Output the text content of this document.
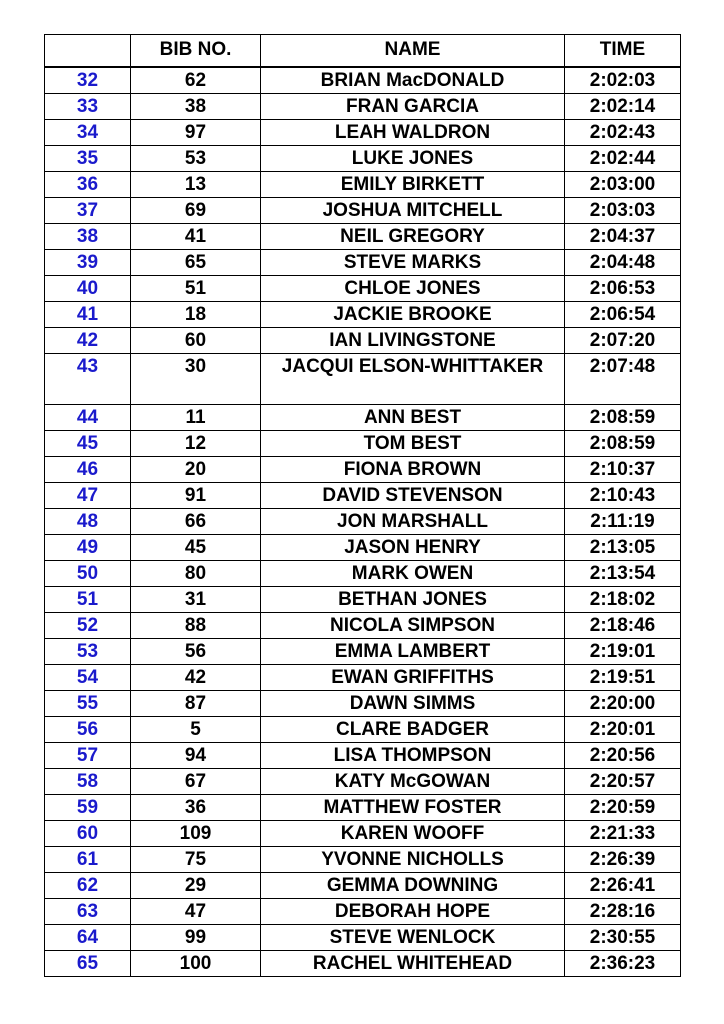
	BIB NO.	NAME	TIME
32	62	BRIAN MacDONALD	2:02:03
33	38	FRAN GARCIA	2:02:14
34	97	LEAH WALDRON	2:02:43
35	53	LUKE JONES	2:02:44
36	13	EMILY BIRKETT	2:03:00
37	69	JOSHUA MITCHELL	2:03:03
38	41	NEIL GREGORY	2:04:37
39	65	STEVE MARKS	2:04:48
40	51	CHLOE JONES	2:06:53
41	18	JACKIE BROOKE	2:06:54
42	60	IAN LIVINGSTONE	2:07:20
43	30	JACQUI ELSON-WHITTAKER	2:07:48
44	11	ANN BEST	2:08:59
45	12	TOM BEST	2:08:59
46	20	FIONA BROWN	2:10:37
47	91	DAVID STEVENSON	2:10:43
48	66	JON MARSHALL	2:11:19
49	45	JASON HENRY	2:13:05
50	80	MARK OWEN	2:13:54
51	31	BETHAN JONES	2:18:02
52	88	NICOLA SIMPSON	2:18:46
53	56	EMMA LAMBERT	2:19:01
54	42	EWAN GRIFFITHS	2:19:51
55	87	DAWN SIMMS	2:20:00
56	5	CLARE BADGER	2:20:01
57	94	LISA THOMPSON	2:20:56
58	67	KATY McGOWAN	2:20:57
59	36	MATTHEW FOSTER	2:20:59
60	109	KAREN WOOFF	2:21:33
61	75	YVONNE NICHOLLS	2:26:39
62	29	GEMMA DOWNING	2:26:41
63	47	DEBORAH HOPE	2:28:16
64	99	STEVE WENLOCK	2:30:55
65	100	RACHEL WHITEHEAD	2:36:23
